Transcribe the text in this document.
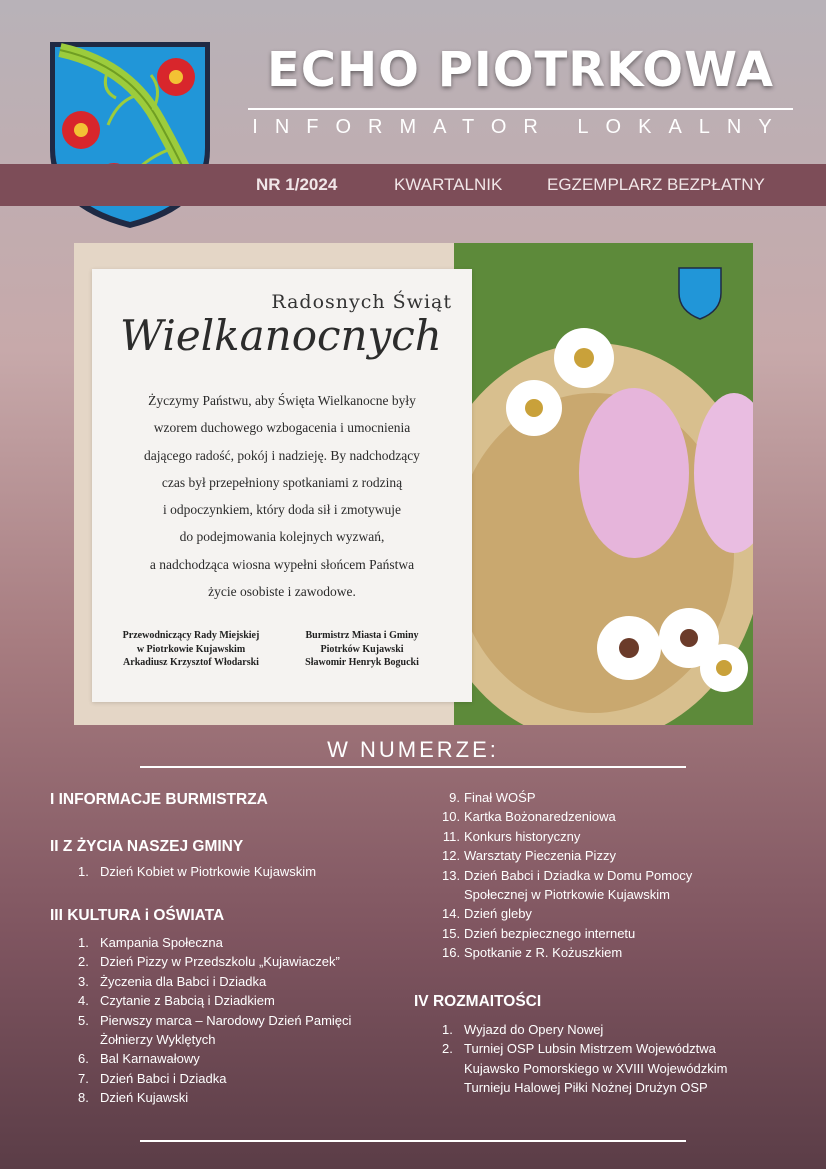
ECHO PIOTRKOWA
INFORMATOR LOKALNY
NR 1/2024	KWARTALNIK	EGZEMPLARZ BEZPŁATNY
Radosnych Świąt
Wielkanocnych
Życzymy Państwu, aby Święta Wielkanocne były
wzorem duchowego wzbogacenia i umocnienia
dającego radość, pokój i nadzieję. By nadchodzący
czas był przepełniony spotkaniami z rodziną
i odpoczynkiem, który doda sił i zmotywuje
do podejmowania kolejnych wyzwań,
a nadchodząca wiosna wypełni słońcem Państwa
życie osobiste i zawodowe.
Przewodniczący Rady Miejskiej
w Piotrkowie Kujawskim
Arkadiusz Krzysztof Włodarski
Burmistrz Miasta i Gminy
Piotrków Kujawski
Sławomir Henryk Bogucki
W NUMERZE:
I INFORMACJE BURMISTRZA
II Z ŻYCIA NASZEJ GMINY
1. Dzień Kobiet w Piotrkowie Kujawskim
III KULTURA i OŚWIATA
1. Kampania Społeczna
2. Dzień Pizzy w Przedszkolu „Kujawiaczek”
3. Życzenia dla Babci i Dziadka
4. Czytanie z Babcią i Dziadkiem
5. Pierwszy marca – Narodowy Dzień Pamięci
Żołnierzy Wyklętych
6. Bal Karnawałowy
7. Dzień Babci i Dziadka
8. Dzień Kujawski
9. Finał WOŚP
10. Kartka Bożonaredzeniowa
11. Konkurs historyczny
12. Warsztaty Pieczenia Pizzy
13. Dzień Babci i Dziadka w Domu Pomocy
Społecznej w Piotrkowie Kujawskim
14. Dzień gleby
15. Dzień bezpiecznego internetu
16. Spotkanie z R. Kożuszkiem
IV ROZMAITOŚCI
1. Wyjazd do Opery Nowej
2. Turniej OSP Lubsin Mistrzem Województwa
Kujawsko Pomorskiego w XVIII Wojewódzkim
Turnieju Halowej Piłki Nożnej Drużyn OSP
